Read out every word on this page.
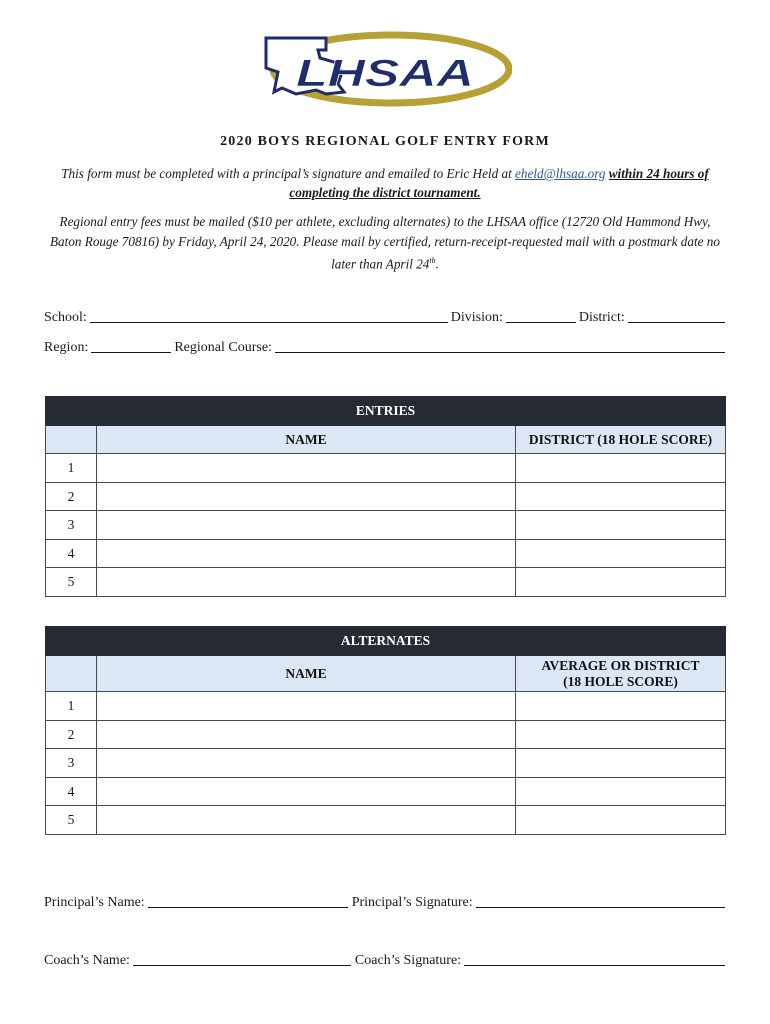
LHSAA
2020 BOYS REGIONAL GOLF ENTRY FORM
This form must be completed with a principal’s signature and emailed to Eric Held at eheld@lhsaa.org within 24 hours of completing the district tournament.
Regional entry fees must be mailed ($10 per athlete, excluding alternates) to the LHSAA office (12720 Old Hammond Hwy, Baton Rouge 70816) by Friday, April 24, 2020. Please mail by certified, return-receipt-requested mail with a postmark date no later than April 24th.
School:	Division:	District:
Region:	Regional Course:
ENTRIES		
	NAME	DISTRICT (18 HOLE SCORE)
1		
2		
3		
4		
5		
ALTERNATES		
	NAME	AVERAGE OR DISTRICT
(18 HOLE SCORE)

1		
2		
3		
4		
5		
Principal’s Name:	Principal’s Signature:
Coach’s Name:	Coach’s Signature:
